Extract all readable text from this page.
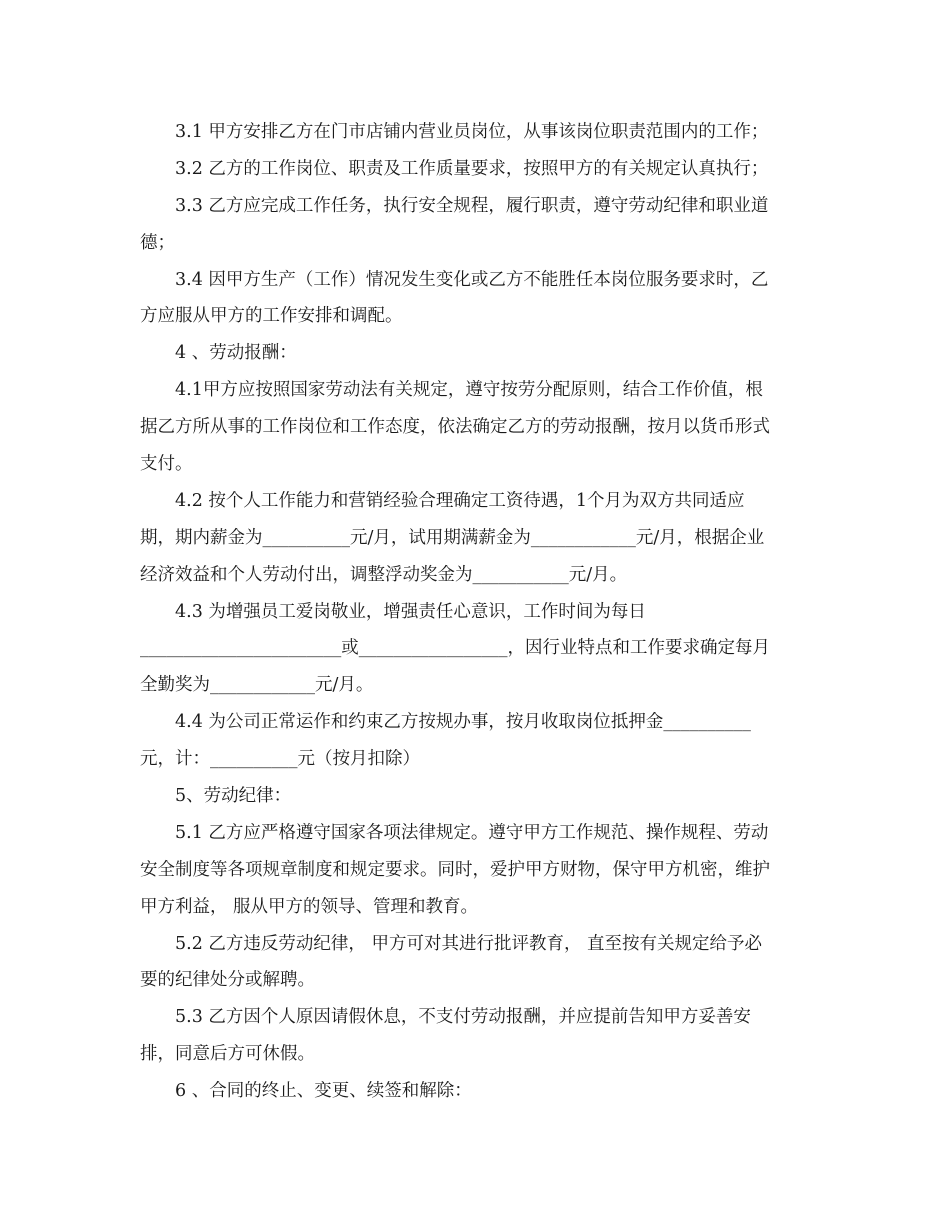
3.1 甲方安排乙方在门市店铺内营业员岗位，从事该岗位职责范围内的工作；
3.2 乙方的工作岗位、职责及工作质量要求，按照甲方的有关规定认真执行；
3.3 乙方应完成工作任务，执行安全规程，履行职责，遵守劳动纪律和职业道
德；
3.4 因甲方生产（工作）情况发生变化或乙方不能胜任本岗位服务要求时，乙
方应服从甲方的工作安排和调配。
4 、劳动报酬：
4.1甲方应按照国家劳动法有关规定，遵守按劳分配原则，结合工作价值，根
据乙方所从事的工作岗位和工作态度，依法确定乙方的劳动报酬，按月以货币形式
支付。
4.2 按个人工作能力和营销经验合理确定工资待遇，1个月为双方共同适应
期，期内薪金为__________元/月，试用期满薪金为____________元/月，根据企业
经济效益和个人劳动付出，调整浮动奖金为___________元/月。
4.3 为增强员工爱岗敬业，增强责任心意识，工作时间为每日
_______________________或_________________，因行业特点和工作要求确定每月
全勤奖为____________元/月。
4.4 为公司正常运作和约束乙方按规办事，按月收取岗位抵押金__________
元，计：__________元（按月扣除）
5、劳动纪律：
5.1 乙方应严格遵守国家各项法律规定。遵守甲方工作规范、操作规程、劳动
安全制度等各项规章制度和规定要求。同时，爱护甲方财物，保守甲方机密，维护
甲方利益， 服从甲方的领导、管理和教育。
5.2 乙方违反劳动纪律， 甲方可对其进行批评教育， 直至按有关规定给予必
要的纪律处分或解聘。
5.3 乙方因个人原因请假休息，不支付劳动报酬，并应提前告知甲方妥善安
排，同意后方可休假。
6 、合同的终止、变更、续签和解除：
